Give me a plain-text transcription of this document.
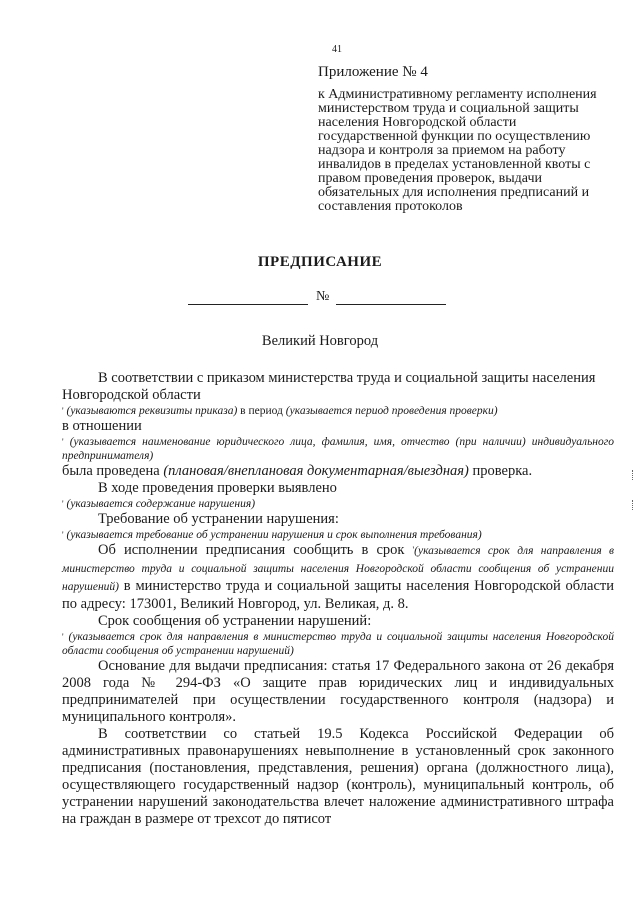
41
Приложение № 4
к Административному регламенту исполнения министерством труда и социальной защиты населения Новгородской области государственной функции по осуществлению надзора и контроля за приемом на работу инвалидов в пределах установленной квоты с правом проведения проверок, выдачи обязательных для исполнения предписаний и составления протоколов
ПРЕДПИСАНИЕ
№
Великий Новгород

В соответствии с приказом министерства труда и социальной защиты населения

Новгородской области

' (указываются реквизиты приказа) в период (указывается период проведения проверки)

в отношении

' (указывается наименование юридического лица, фамилия, имя, отчество (при наличии) индивидуального предпринимателя)

была проведена (плановая/внеплановая документарная/выездная) проверка.

В ходе проведения проверки выявлено

' (указывается содержание нарушения)

Требование об устранении нарушения:

' (указывается требование об устранении нарушения и срок выполнения требования)

Об исполнении предписания сообщить в срок '(указывается срок для направления в министерство труда и социальной защиты населения Новгородской области сообщения об устранении нарушений) в министерство труда и социальной защиты населения Новгородской области по адресу: 173001, Великий Новгород, ул. Великая, д. 8.

Срок сообщения об устранении нарушений:

' (указывается срок для направления в министерство труда и социальной защиты населения Новгородской области сообщения об устранении нарушений)

Основание для выдачи предписания: статья 17 Федерального закона от 26 декабря 2008 года № 294-ФЗ «О защите прав юридических лиц и индивидуальных предпринимателей при осуществлении государственного контроля (надзора) и муниципального контроля».

В соответствии со статьей 19.5 Кодекса Российской Федерации об административных правонарушениях невыполнение в установленный срок законного предписания (постановления, представления, решения) органа (должностного лица), осуществляющего государственный надзор (контроль), муниципальный контроль, об устранении нарушений законодательства влечет наложение административного штрафа на граждан в размере от трехсот до пятисот
